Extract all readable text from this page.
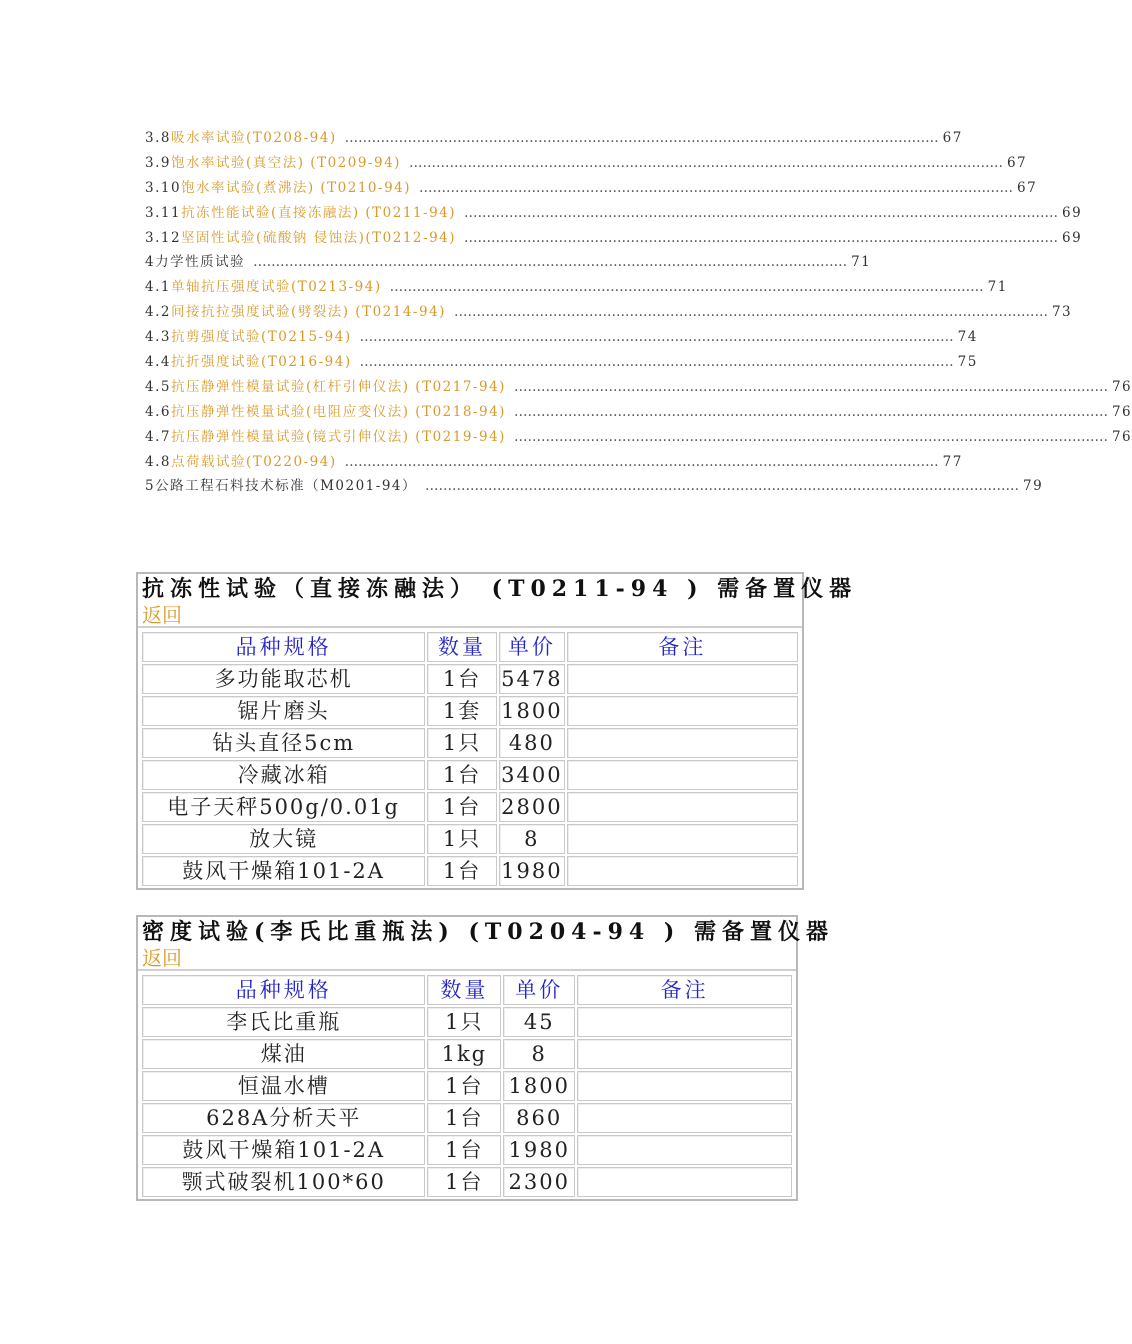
3.8 吸水率试验(T0208-94) …………………………………………………………………………………………………………………… 67
3.9 饱水率试验(真空法) (T0209-94) …………………………………………………………………………………………………………………… 67
3.10 饱水率试验(煮沸法) (T0210-94) …………………………………………………………………………………………………………………… 67
3.11 抗冻性能试验(直接冻融法) (T0211-94) …………………………………………………………………………………………………………………… 69
3.12 坚固性试验(硫酸钠 侵蚀法)(T0212-94) …………………………………………………………………………………………………………………… 69
4 力学性质试验 …………………………………………………………………………………………………………………… 71
4.1 单轴抗压强度试验(T0213-94) …………………………………………………………………………………………………………………… 71
4.2 间接抗拉强度试验(劈裂法) (T0214-94) …………………………………………………………………………………………………………………… 73
4.3 抗剪强度试验(T0215-94) …………………………………………………………………………………………………………………… 74
4.4 抗折强度试验(T0216-94) …………………………………………………………………………………………………………………… 75
4.5 抗压静弹性模量试验(杠杆引伸仪法) (T0217-94) …………………………………………………………………………………………………………………… 76
4.6 抗压静弹性模量试验(电阻应变仪法) (T0218-94) …………………………………………………………………………………………………………………… 76
4.7 抗压静弹性模量试验(镜式引伸仪法) (T0219-94) …………………………………………………………………………………………………………………… 76
4.8 点荷载试验(T0220-94) …………………………………………………………………………………………………………………… 77
5 公路工程石料技术标准（M0201-94） …………………………………………………………………………………………………………………… 79
抗冻性试验（直接冻融法） (T0211-94 ) 需备置仪器
返回
品种规格	数量	单价	备注
多功能取芯机	1台	5478	
锯片磨头	1套	1800	
钻头直径5cm	1只	480	
冷藏冰箱	1台	3400	
电子天秤500g/0.01g	1台	2800	
放大镜	1只	8	
鼓风干燥箱101-2A	1台	1980	
密度试验(李氏比重瓶法) (T0204-94 ) 需备置仪器
返回
品种规格	数量	单价	备注
李氏比重瓶	1只	45	
煤油	1kg	8	
恒温水槽	1台	1800	
628A分析天平	1台	860	
鼓风干燥箱101-2A	1台	1980	
颚式破裂机100*60	1台	2300	
